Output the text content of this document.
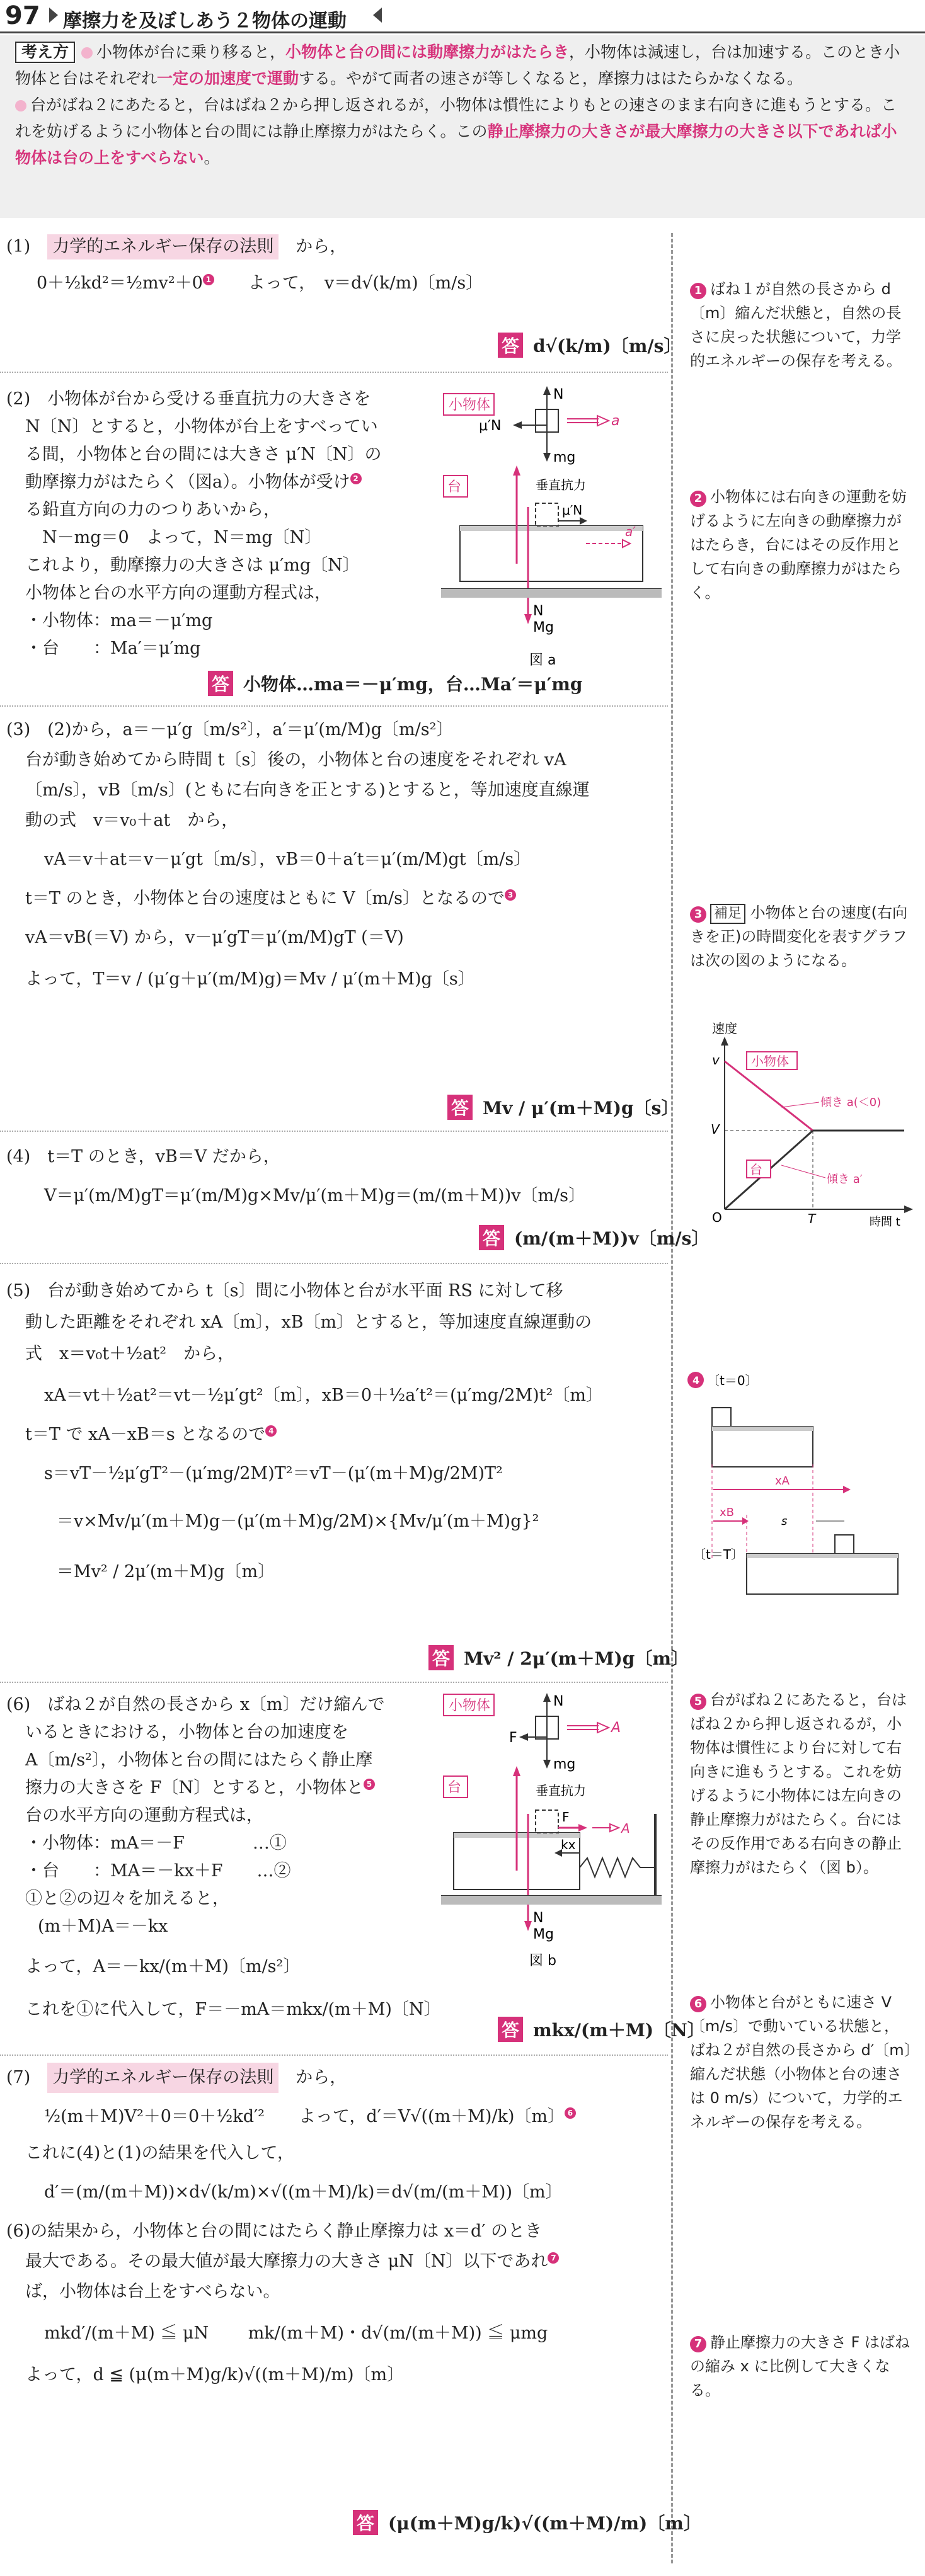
97 摩擦力を及ぼしあう２物体の運動

考え方 小物体が台に乗り移ると，小物体と台の間には動摩擦力がはたらき，小物体は減速し，台は加速する。このとき小物体と台はそれぞれ一定の加速度で運動する。やがて両者の速さが等しくなると，摩擦力ははたらかなくなる。

台がばね２にあたると，台はばね２から押し返されるが，小物体は慣性によりもとの速さのまま右向きに進もうとする。これを妨げるように小物体と台の間には静止摩擦力がはたらく。この静止摩擦力の大きさが最大摩擦力の大きさ以下であれば小物体は台の上をすべらない。

(1)　 力学的エネルギー保存の法則　 から，
0＋½kd²＝½mv²＋0 1　　 よって，　 v＝d√(k/m)〔m/s〕
答 d√(k/m)〔m/s〕
(2)　 小物体が台から受ける垂直抗力の大きさを
N〔N〕とすると，小物体が台上をすべってい
る間，小物体と台の間には大きさ μ′N〔N〕の
動摩擦力がはたらく（図a）。小物体が受け 2
る鉛直方向の力のつりあいから，
　N－mg＝0　よって，N＝mg〔N〕
これより，動摩擦力の大きさは μ′mg〔N〕
小物体と台の水平方向の運動方程式は，
・小物体：ma＝－μ′mg
・台　　：Ma′＝μ′mg
小物体
N
mg
μ′N	a
台	垂直抗力
μ′N
a′
N
Mg
図 a
答 小物体…ma＝－μ′mg，台…Ma′＝μ′mg
(3)　 (2)から，a＝－μ′g〔m/s²〕，a′＝μ′(m/M)g〔m/s²〕
台が動き始めてから時間 t〔s〕後の，小物体と台の速度をそれぞれ vA
〔m/s〕，vB〔m/s〕(ともに右向きを正とする)とすると，等加速度直線運
動の式　v＝v₀＋at　から，
vA＝v＋at＝v－μ′gt〔m/s〕，vB＝0＋a′t＝μ′(m/M)gt〔m/s〕
t＝T のとき，小物体と台の速度はともに V〔m/s〕となるので 3
vA＝vB(＝V) から，v－μ′gT＝μ′(m/M)gT (＝V)
よって，T＝v / (μ′g＋μ′(m/M)g)＝Mv / μ′(m＋M)g〔s〕
答 Mv / μ′(m＋M)g〔s〕
(4)　 t＝T のとき，vB＝V だから，
V＝μ′(m/M)gT＝μ′(m/M)g×Mv/μ′(m＋M)g＝(m/(m＋M))v〔m/s〕
答 (m/(m＋M))v〔m/s〕
(5)　 台が動き始めてから t〔s〕間に小物体と台が水平面 RS に対して移
動した距離をそれぞれ xA〔m〕，xB〔m〕とすると，等加速度直線運動の
式　x＝v₀t＋½at²　から，
xA＝vt＋½at²＝vt－½μ′gt²〔m〕，xB＝0＋½a′t²＝(μ′mg/2M)t²〔m〕
t＝T で xA－xB＝s となるので 4
s＝vT－½μ′gT²－(μ′mg/2M)T²＝vT－(μ′(m＋M)g/2M)T²
＝v×Mv/μ′(m＋M)g－(μ′(m＋M)g/2M)×{Mv/μ′(m＋M)g}²
＝Mv² / 2μ′(m＋M)g〔m〕
答 Mv² / 2μ′(m＋M)g〔m〕
(6)　 ばね２が自然の長さから x〔m〕だけ縮んで
いるときにおける，小物体と台の加速度を
A〔m/s²〕，小物体と台の間にはたらく静止摩
擦力の大きさを F〔N〕とすると，小物体と 5
台の水平方向の運動方程式は，
・小物体：mA＝－F　　　　…①
・台　　：MA＝－kx＋F　　…②
①と②の辺々を加えると，
(m＋M)A＝－kx
よって，A＝－kx/(m＋M)〔m/s²〕
これを①に代入して，F＝－mA＝mkx/(m＋M)〔N〕
小物体	N
mg
F
A
台	垂直抗力
F
A
kx
N
Mg
図 b
答 mkx/(m＋M)〔N〕
(7)　 力学的エネルギー保存の法則　 から，
½(m＋M)V²＋0＝0＋½kd′²　　よって，d′＝V√((m＋M)/k)〔m〕 6
これに(4)と(1)の結果を代入して，
d′＝(m/(m＋M))×d√(k/m)×√((m＋M)/k)＝d√(m/(m＋M))〔m〕
(6)の結果から，小物体と台の間にはたらく静止摩擦力は x＝d′ のとき
最大である。その最大値が最大摩擦力の大きさ μN〔N〕以下であれ 7
ば，小物体は台上をすべらない。
mkd′/(m＋M) ≦ μN　　 mk/(m＋M)・d√(m/(m＋M)) ≦ μmg
よって，d ≦ (μ(m＋M)g/k)√((m＋M)/m)〔m〕
答 (μ(m＋M)g/k)√((m＋M)/m)〔m〕
1 ばね１が自然の長さから d〔m〕縮んだ状態と，自然の長さに戻った状態について，力学的エネルギーの保存を考える。
2 小物体には右向きの運動を妨げるように左向きの動摩擦力がはたらき，台にはその反作用として右向きの動摩擦力がはたらく。
3 補足 小物体と台の速度(右向きを正)の時間変化を表すグラフは次の図のようになる。
速度
O
v
V
T	時間 t
小物体
台
傾き a(＜0)
傾き a′
4 〔t＝0〕
xA
xB
s
〔t＝T〕
5 台がばね２にあたると，台はばね２から押し返されるが，小物体は慣性により台に対して右向きに進もうとする。これを妨げるように小物体には左向きの静止摩擦力がはたらく。台にはその反作用である右向きの静止摩擦力がはたらく（図 b）。
6 小物体と台がともに速さ V〔m/s〕で動いている状態と，ばね２が自然の長さから d′〔m〕縮んだ状態（小物体と台の速さは 0 m/s）について，力学的エネルギーの保存を考える。
7 静止摩擦力の大きさ F はばねの縮み x に比例して大きくなる。
